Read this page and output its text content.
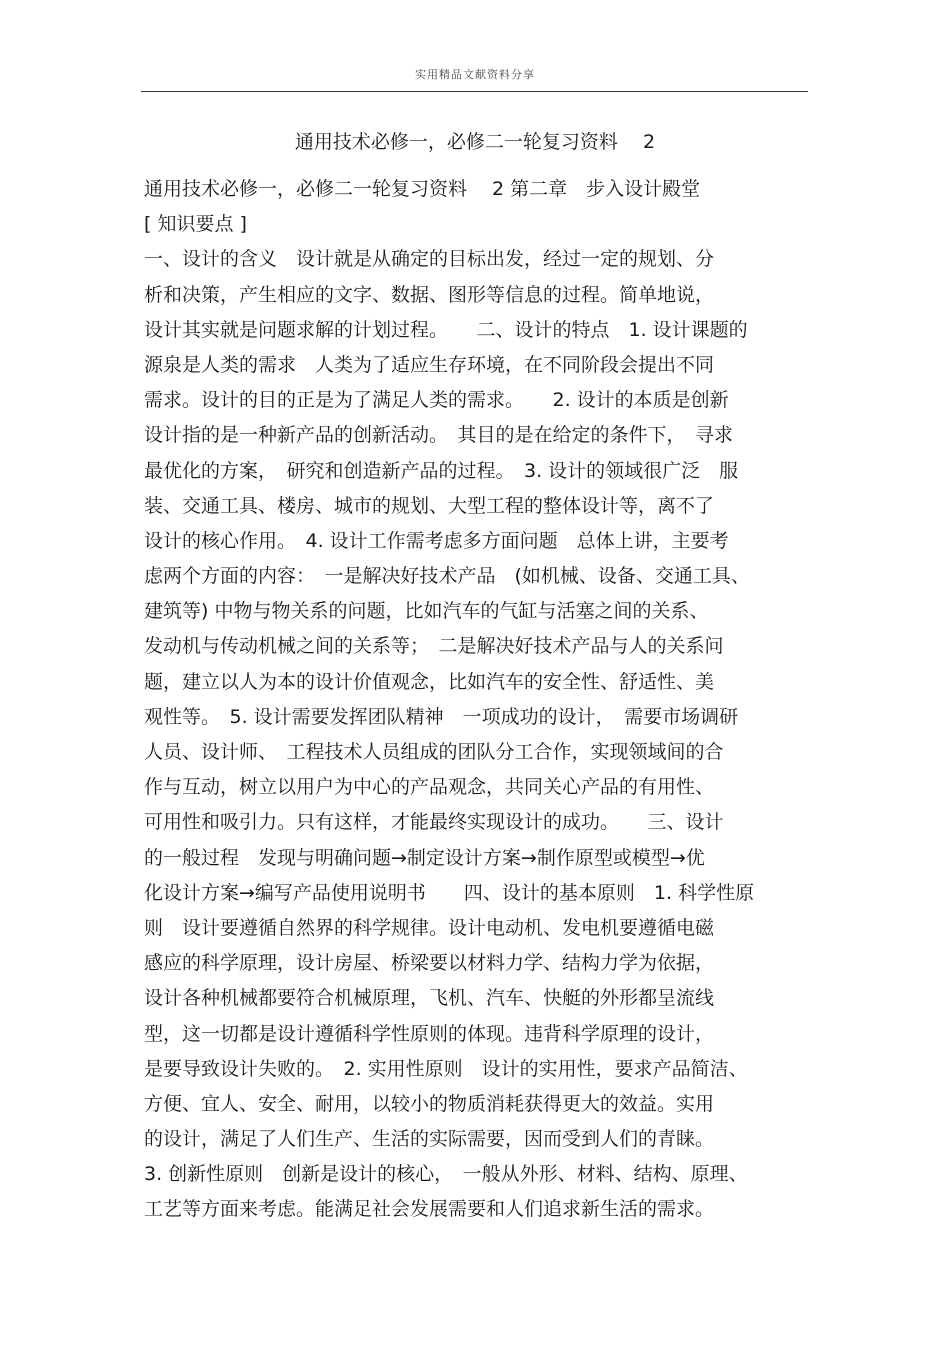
实用精品文献资料分享
通用技术必修一，必修二一轮复习资料　 2
通用技术必修一，必修二一轮复习资料　 2 第二章　步入设计殿堂
[ 知识要点 ]
一、设计的含义　设计就是从确定的目标出发，经过一定的规划、分
析和决策，产生相应的文字、数据、图形等信息的过程。简单地说，
设计其实就是问题求解的计划过程。　　二、设计的特点　1. 设计课题的
源泉是人类的需求　人类为了适应生存环境，在不同阶段会提出不同
需求。设计的目的正是为了满足人类的需求。　　2. 设计的本质是创新
设计指的是一种新产品的创新活动。　其目的是在给定的条件下，　寻求
最优化的方案，　研究和创造新产品的过程。　3. 设计的领域很广泛　服
装、交通工具、楼房、城市的规划、大型工程的整体设计等，离不了
设计的核心作用。　4. 设计工作需考虑多方面问题　总体上讲，主要考
虑两个方面的内容：　一是解决好技术产品　(如机械、设备、交通工具、
建筑等) 中物与物关系的问题，比如汽车的气缸与活塞之间的关系、
发动机与传动机械之间的关系等；　二是解决好技术产品与人的关系问
题，建立以人为本的设计价值观念，比如汽车的安全性、舒适性、美
观性等。　5. 设计需要发挥团队精神　一项成功的设计，　需要市场调研
人员、设计师、　工程技术人员组成的团队分工合作，实现领域间的合
作与互动，树立以用户为中心的产品观念，共同关心产品的有用性、
可用性和吸引力。只有这样，才能最终实现设计的成功。　　三、设计
的一般过程　发现与明确问题→制定设计方案→制作原型或模型→优
化设计方案→编写产品使用说明书　　四、设计的基本原则　1. 科学性原
则　设计要遵循自然界的科学规律。设计电动机、发电机要遵循电磁
感应的科学原理，设计房屋、桥梁要以材料力学、结构力学为依据，
设计各种机械都要符合机械原理，飞机、汽车、快艇的外形都呈流线
型，这一切都是设计遵循科学性原则的体现。违背科学原理的设计，
是要导致设计失败的。　2. 实用性原则　设计的实用性，要求产品简洁、
方便、宜人、安全、耐用，以较小的物质消耗获得更大的效益。实用
的设计，满足了人们生产、生活的实际需要，因而受到人们的青睐。
3. 创新性原则　创新是设计的核心，　一般从外形、材料、结构、原理、
工艺等方面来考虑。能满足社会发展需要和人们追求新生活的需求。
